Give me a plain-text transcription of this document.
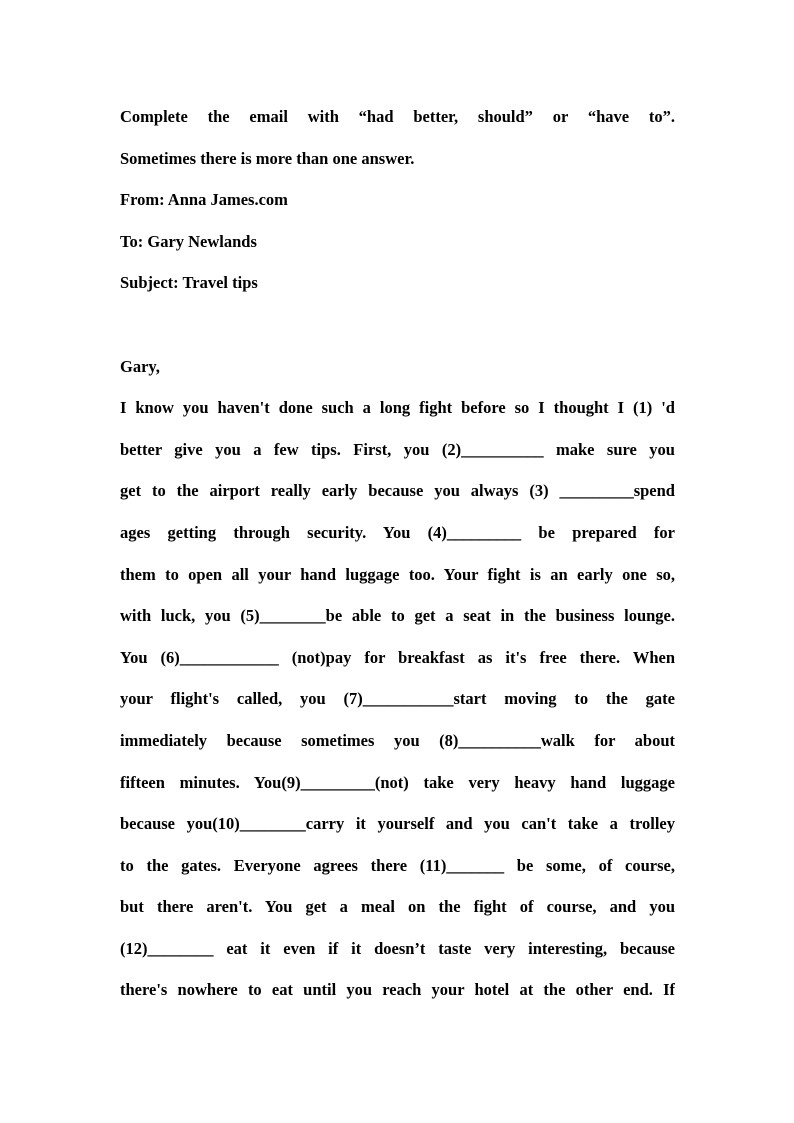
Complete the email with “had better, should” or “have to”.
Sometimes there is more than one answer.
From: Anna James.com
To: Gary Newlands
Subject: Travel tips
Gary,
I know you haven't done such a long fight before so I thought I (1) 'd
better give you a few tips. First, you (2)__________ make sure you
get to the airport really early because you always (3) _________spend
ages getting through security. You (4)_________ be prepared for
them to open all your hand luggage too. Your fight is an early one so,
with luck, you (5)________be able to get a seat in the business lounge.
You (6)____________ (not)pay for breakfast as it's free there. When
your flight's called, you (7)___________start moving to the gate
immediately because sometimes you (8)__________walk for about
fifteen minutes. You(9)_________(not) take very heavy hand luggage
because you(10)________carry it yourself and you can't take a trolley
to the gates. Everyone agrees there (11)_______ be some, of course,
but there aren't. You get a meal on the fight of course, and you
(12)________ eat it even if it doesn’t taste very interesting, because
there's nowhere to eat until you reach your hotel at the other end. If
